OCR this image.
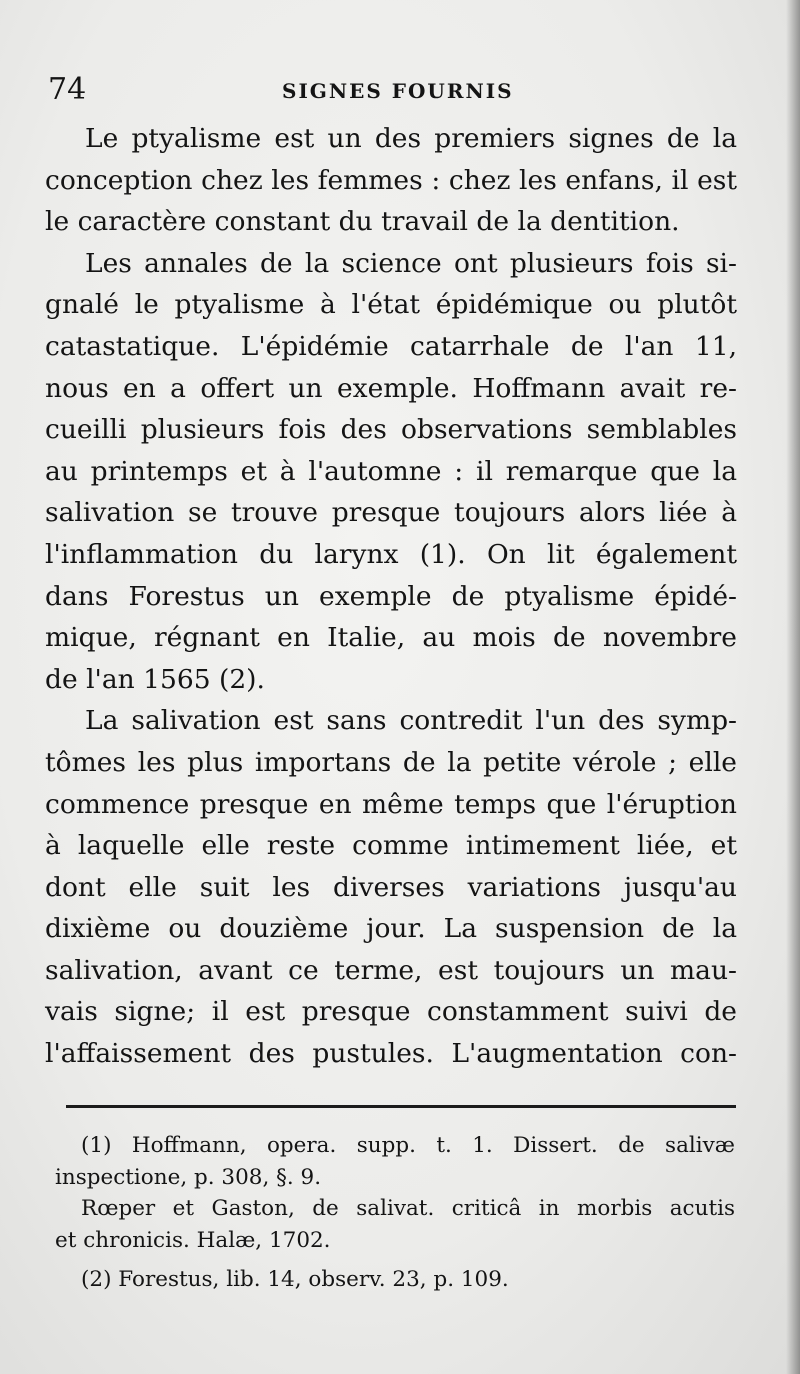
74	SIGNES FOURNIS
Le ptyalisme est un des premiers signes de la
conception chez les femmes : chez les enfans, il est
le caractère constant du travail de la dentition.
Les annales de la science ont plusieurs fois si-
gnalé le ptyalisme à l'état épidémique ou plutôt
catastatique. L'épidémie catarrhale de l'an 11,
nous en a offert un exemple. Hoffmann avait re-
cueilli plusieurs fois des observations semblables
au printemps et à l'automne : il remarque que la
salivation se trouve presque toujours alors liée à
l'inflammation du larynx (1). On lit également
dans Forestus un exemple de ptyalisme épidé-
mique, régnant en Italie, au mois de novembre
de l'an 1565 (2).
La salivation est sans contredit l'un des symp-
tômes les plus importans de la petite vérole ; elle
commence presque en même temps que l'éruption
à laquelle elle reste comme intimement liée, et
dont elle suit les diverses variations jusqu'au
dixième ou douzième jour. La suspension de la
salivation, avant ce terme, est toujours un mau-
vais signe; il est presque constamment suivi de
l'affaissement des pustules. L'augmentation con-
(1) Hoffmann, opera. supp. t. 1. Dissert. de salivæ
inspectione, p. 308, §. 9.
Rœper et Gaston, de salivat. criticâ in morbis acutis
et chronicis. Halæ, 1702.
(2) Forestus, lib. 14, observ. 23, p. 109.
